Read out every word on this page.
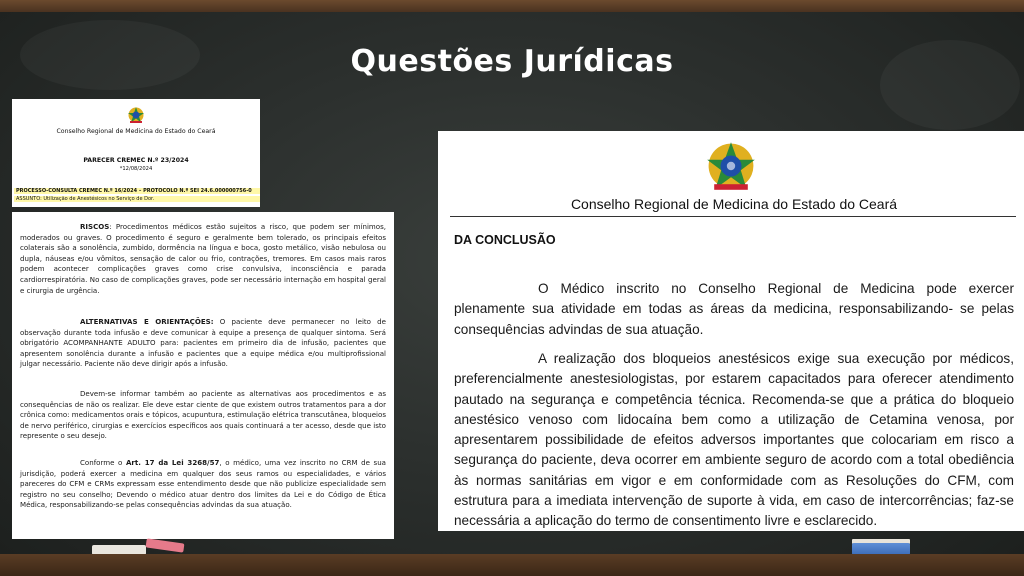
Questões Jurídicas
Conselho Regional de Medicina do Estado do Ceará
PARECER CREMEC N.º 23/2024
*12/08/2024
PROCESSO-CONSULTA CREMEC N.º 16/2024 – PROTOCOLO N.º SEI 24.6.000000756-0
ASSUNTO: Utilização de Anestésicos no Serviço de Dor.

RISCOS: Procedimentos médicos estão sujeitos a risco, que podem ser mínimos, moderados ou graves. O procedimento é seguro e geralmente bem tolerado, os principais efeitos colaterais são a sonolência, zumbido, dormência na língua e boca, gosto metálico, visão nebulosa ou dupla, náuseas e/ou vômitos, sensação de calor ou frio, contrações, tremores. Em casos mais raros podem acontecer complicações graves como crise convulsiva, inconsciência e parada cardiorrespiratória. No caso de complicações graves, pode ser necessário internação em hospital geral e cirurgia de urgência.

ALTERNATIVAS E ORIENTAÇÕES: O paciente deve permanecer no leito de observação durante toda infusão e deve comunicar à equipe a presença de qualquer sintoma. Será obrigatório ACOMPANHANTE ADULTO para: pacientes em primeiro dia de infusão, pacientes que apresentem sonolência durante a infusão e pacientes que a equipe médica e/ou multiprofissional julgar necessário. Paciente não deve dirigir após a infusão.

Devem-se informar também ao paciente as alternativas aos procedimentos e as consequências de não os realizar. Ele deve estar ciente de que existem outros tratamentos para a dor crônica como: medicamentos orais e tópicos, acupuntura, estimulação elétrica transcutânea, bloqueios de nervo periférico, cirurgias e exercícios específicos aos quais continuará a ter acesso, desde que isto represente o seu desejo.

Conforme o Art. 17 da Lei 3268/57, o médico, uma vez inscrito no CRM de sua jurisdição, poderá exercer a medicina em qualquer dos seus ramos ou especialidades, e vários pareceres do CFM e CRMs expressam esse entendimento desde que não publicize especialidade sem registro no seu conselho; Devendo o médico atuar dentro dos limites da Lei e do Código de Ética Médica, responsabilizando-se pelas consequências advindas da sua atuação.

Conselho Regional de Medicina do Estado do Ceará
DA CONCLUSÃO

O Médico inscrito no Conselho Regional de Medicina pode exercer plenamente sua atividade em todas as áreas da medicina, responsabilizando- se pelas consequências advindas de sua atuação.

A realização dos bloqueios anestésicos exige sua execução por médicos, preferencialmente anestesiologistas, por estarem capacitados para oferecer atendimento pautado na segurança e competência técnica. Recomenda-se que a prática do bloqueio anestésico venoso com lidocaína bem como a utilização de Cetamina venosa, por apresentarem possibilidade de efeitos adversos importantes que colocariam em risco a segurança do paciente, deva ocorrer em ambiente seguro de acordo com a total obediência às normas sanitárias em vigor e em conformidade com as Resoluções do CFM, com estrutura para a imediata intervenção de suporte à vida, em caso de intercorrências; faz-se necessária a aplicação do termo de consentimento livre e esclarecido.
